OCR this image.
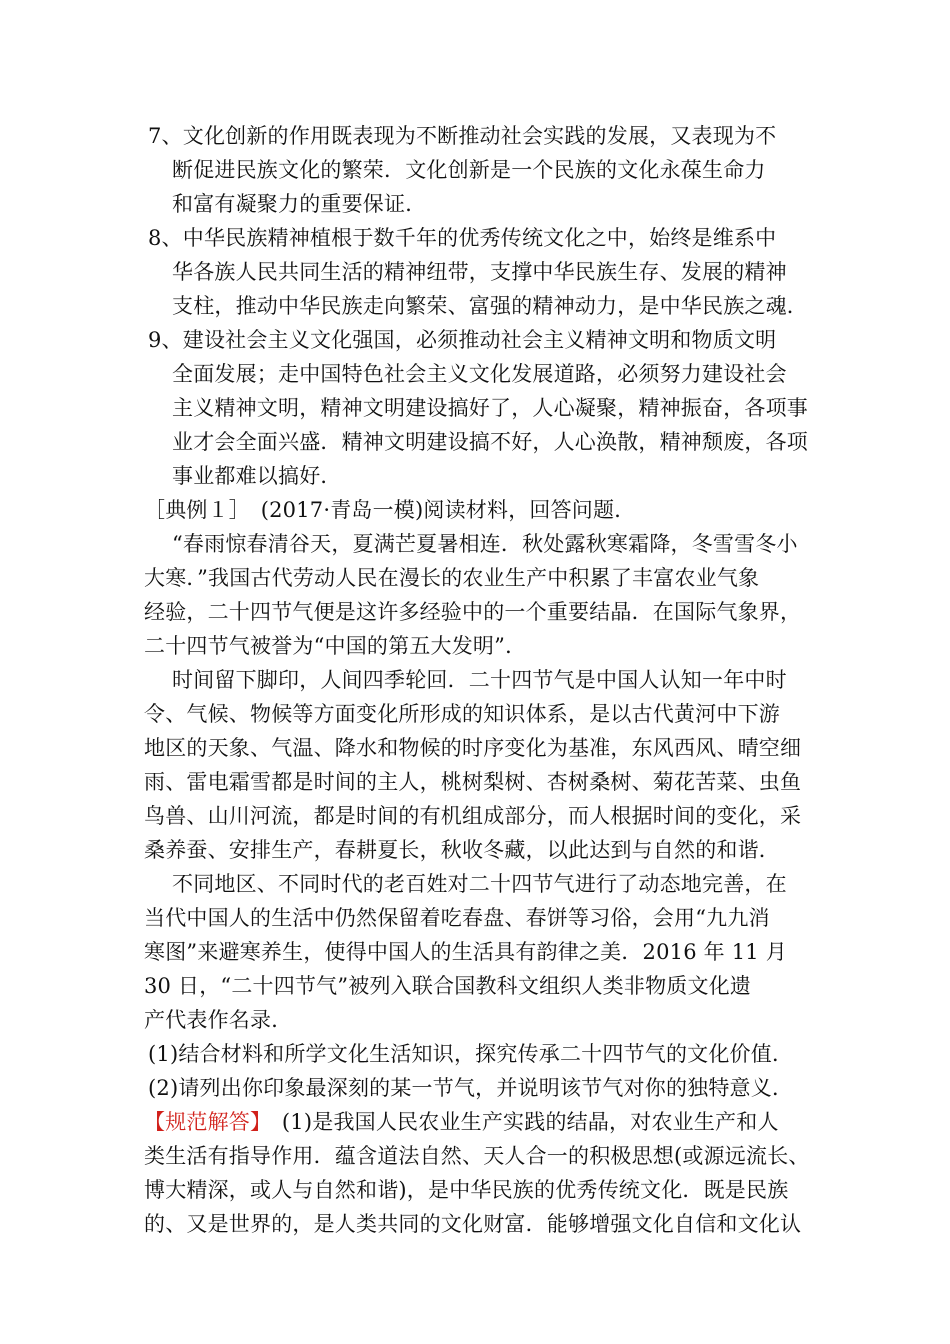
7、文化创新的作用既表现为不断推动社会实践的发展，又表现为不
断促进民族文化的繁荣．文化创新是一个民族的文化永葆生命力
和富有凝聚力的重要保证．
8、中华民族精神植根于数千年的优秀传统文化之中，始终是维系中
华各族人民共同生活的精神纽带，支撑中华民族生存、发展的精神
支柱，推动中华民族走向繁荣、富强的精神动力，是中华民族之魂．
9、建设社会主义文化强国，必须推动社会主义精神文明和物质文明
全面发展；走中国特色社会主义文化发展道路，必须努力建设社会
主义精神文明，精神文明建设搞好了，人心凝聚，精神振奋，各项事
业才会全面兴盛．精神文明建设搞不好，人心涣散，精神颓废，各项
事业都难以搞好．
［典例１］　(2017·青岛一模)阅读材料，回答问题．
“春雨惊春清谷天，夏满芒夏暑相连．秋处露秋寒霜降，冬雪雪冬小
大寒．”我国古代劳动人民在漫长的农业生产中积累了丰富农业气象
经验，二十四节气便是这许多经验中的一个重要结晶．在国际气象界，
二十四节气被誉为“中国的第五大发明”．
时间留下脚印，人间四季轮回．二十四节气是中国人认知一年中时
令、气候、物候等方面变化所形成的知识体系，是以古代黄河中下游
地区的天象、气温、降水和物候的时序变化为基准，东风西风、晴空细
雨、雷电霜雪都是时间的主人，桃树梨树、杏树桑树、菊花苦菜、虫鱼
鸟兽、山川河流，都是时间的有机组成部分，而人根据时间的变化，采
桑养蚕、安排生产，春耕夏长，秋收冬藏，以此达到与自然的和谐．
不同地区、不同时代的老百姓对二十四节气进行了动态地完善，在
当代中国人的生活中仍然保留着吃春盘、春饼等习俗，会用“九九消
寒图”来避寒养生，使得中国人的生活具有韵律之美．2016 年 11 月
30 日，“二十四节气”被列入联合国教科文组织人类非物质文化遗
产代表作名录．
(1)结合材料和所学文化生活知识，探究传承二十四节气的文化价值．
(2)请列出你印象最深刻的某一节气，并说明该节气对你的独特意义．
【规范解答】　(1)是我国人民农业生产实践的结晶，对农业生产和人
类生活有指导作用．蕴含道法自然、天人合一的积极思想(或源远流长、
博大精深，或人与自然和谐)，是中华民族的优秀传统文化．既是民族
的、又是世界的，是人类共同的文化财富．能够增强文化自信和文化认
